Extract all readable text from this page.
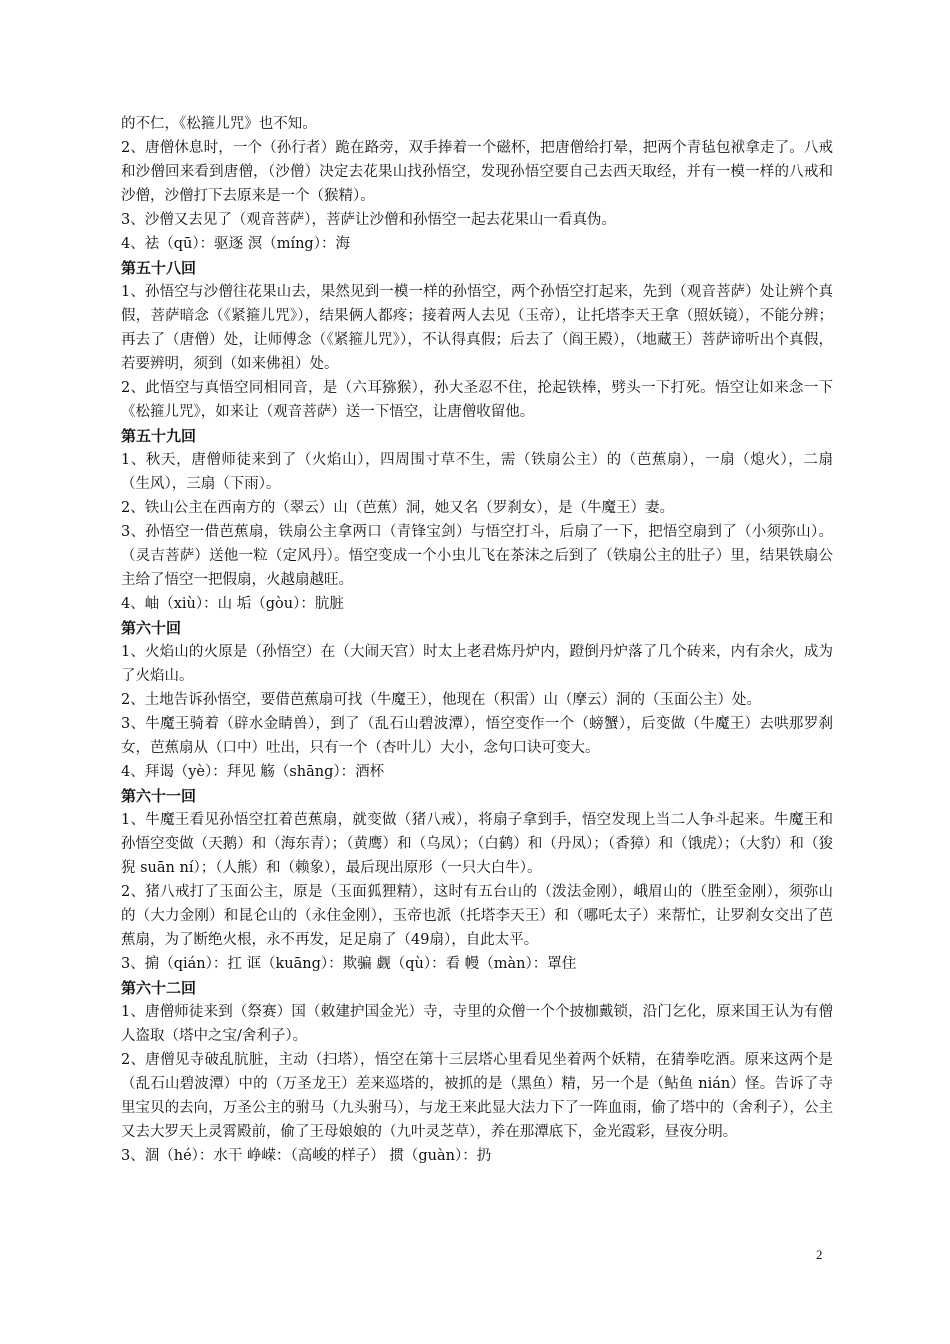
的不仁，《松箍儿咒》也不知。

2、唐僧休息时，一个（孙行者）跪在路旁，双手捧着一个磁杯，把唐僧给打晕，把两个青毡包袱拿走了。八戒和沙僧回来看到唐僧，（沙僧）决定去花果山找孙悟空，发现孙悟空要自己去西天取经，并有一模一样的八戒和沙僧，沙僧打下去原来是一个（猴精）。

3、沙僧又去见了（观音菩萨），菩萨让沙僧和孙悟空一起去花果山一看真伪。

4、祛（qū）：驱逐 溟（míng）：海

第五十八回

1、孙悟空与沙僧往花果山去，果然见到一模一样的孙悟空，两个孙悟空打起来，先到（观音菩萨）处让辨个真假，菩萨暗念（《紧箍儿咒》），结果俩人都疼；接着两人去见（玉帝），让托塔李天王拿（照妖镜），不能分辨；再去了（唐僧）处，让师傅念（《紧箍儿咒》），不认得真假；后去了（阎王殿），（地藏王）菩萨谛听出个真假，若要辨明，须到（如来佛祖）处。

2、此悟空与真悟空同相同音，是（六耳猕猴），孙大圣忍不住，抡起铁棒，劈头一下打死。悟空让如来念一下《松箍儿咒》，如来让（观音菩萨）送一下悟空，让唐僧收留他。

第五十九回

1、秋天，唐僧师徒来到了（火焰山），四周围寸草不生，需（铁扇公主）的（芭蕉扇），一扇（熄火），二扇（生风），三扇（下雨）。

2、铁山公主在西南方的（翠云）山（芭蕉）洞，她又名（罗刹女），是（牛魔王）妻。

3、孙悟空一借芭蕉扇，铁扇公主拿两口（青锋宝剑）与悟空打斗，后扇了一下，把悟空扇到了（小须弥山）。（灵吉菩萨）送他一粒（定风丹）。悟空变成一个小虫儿飞在茶沫之后到了（铁扇公主的肚子）里，结果铁扇公主给了悟空一把假扇，火越扇越旺。

4、岫（xiù）：山 垢（gòu）：肮脏

第六十回

1、火焰山的火原是（孙悟空）在（大闹天宫）时太上老君炼丹炉内，蹬倒丹炉落了几个砖来，内有余火，成为了火焰山。

2、土地告诉孙悟空，要借芭蕉扇可找（牛魔王），他现在（积雷）山（摩云）洞的（玉面公主）处。

3、牛魔王骑着（辟水金睛兽），到了（乱石山碧波潭），悟空变作一个（螃蟹），后变做（牛魔王）去哄那罗刹女，芭蕉扇从（口中）吐出，只有一个（杏叶儿）大小，念句口诀可变大。

4、拜谒（yè）：拜见 觞（shāng）：酒杯

第六十一回

1、牛魔王看见孙悟空扛着芭蕉扇，就变做（猪八戒），将扇子拿到手，悟空发现上当二人争斗起来。牛魔王和孙悟空变做（天鹅）和（海东青）；（黄鹰）和（乌凤）；（白鹤）和（丹凤）；（香獐）和（饿虎）；（大豹）和（狻猊 suān ní）；（人熊）和（赖象），最后现出原形（一只大白牛）。

2、猪八戒打了玉面公主，原是（玉面狐狸精），这时有五台山的（泼法金刚），峨眉山的（胜至金刚），须弥山的（大力金刚）和昆仑山的（永住金刚），玉帝也派（托塔李天王）和（哪吒太子）来帮忙，让罗刹女交出了芭蕉扇，为了断绝火根，永不再发，足足扇了（49扇），自此太平。

3、掮（qián）：扛 诓（kuāng）：欺骗 觑（qù）：看 幔（màn）：罩住

第六十二回

1、唐僧师徒来到（祭赛）国（敕建护国金光）寺，寺里的众僧一个个披枷戴锁，沿门乞化，原来国王认为有僧人盗取（塔中之宝/舍利子）。

2、唐僧见寺破乱肮脏，主动（扫塔），悟空在第十三层塔心里看见坐着两个妖精，在猜拳吃酒。原来这两个是（乱石山碧波潭）中的（万圣龙王）差来巡塔的，被抓的是（黑鱼）精，另一个是（鲇鱼 nián）怪。告诉了寺里宝贝的去向，万圣公主的驸马（九头驸马），与龙王来此显大法力下了一阵血雨，偷了塔中的（舍利子），公主又去大罗天上灵霄殿前，偷了王母娘娘的（九叶灵芝草），养在那潭底下，金光霞彩，昼夜分明。

3、涸（hé）：水干 峥嵘：（高峻的样子） 掼（guàn）：扔

2
